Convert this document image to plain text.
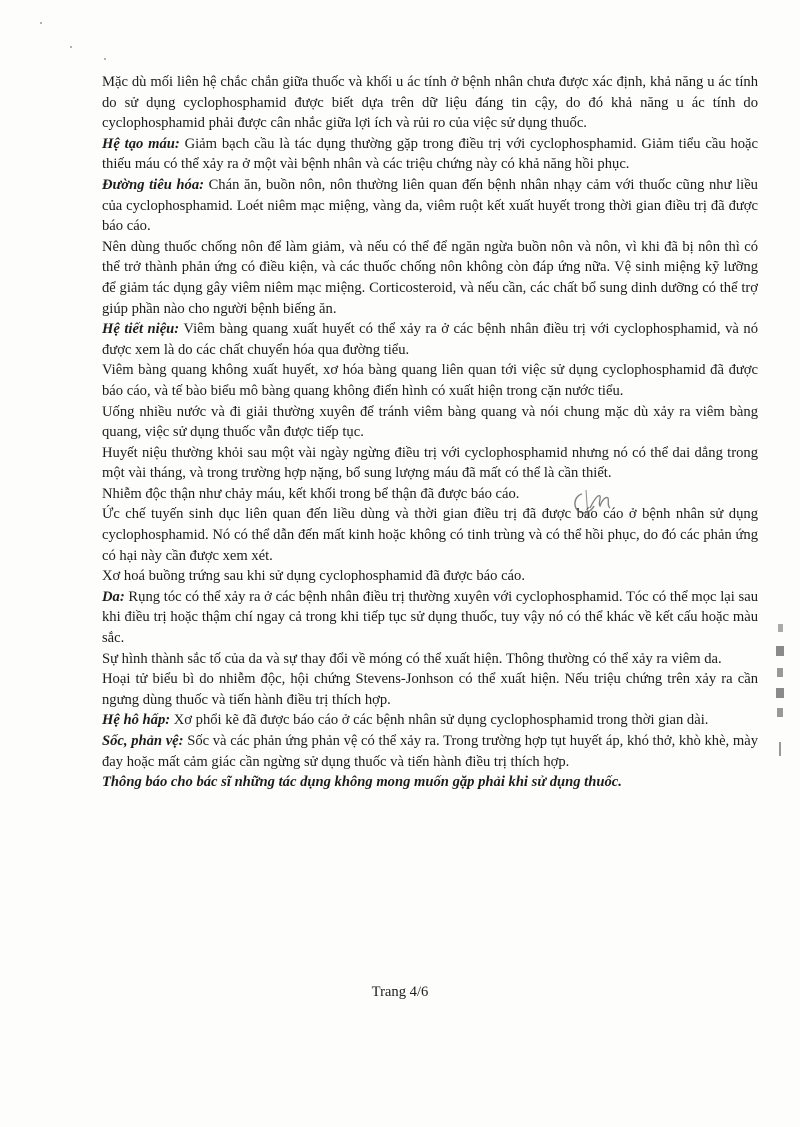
Mặc dù mối liên hệ chắc chắn giữa thuốc và khối u ác tính ở bệnh nhân chưa được xác định, khả năng u ác tính do sử dụng cyclophosphamid được biết dựa trên dữ liệu đáng tin cậy, do đó khả năng u ác tính do cyclophosphamid phải được cân nhắc giữa lợi ích và rủi ro của việc sử dụng thuốc.

Hệ tạo máu: Giảm bạch cầu là tác dụng thường gặp trong điều trị với cyclophosphamid. Giảm tiểu cầu hoặc thiếu máu có thể xảy ra ở một vài bệnh nhân và các triệu chứng này có khả năng hồi phục.

Đường tiêu hóa: Chán ăn, buồn nôn, nôn thường liên quan đến bệnh nhân nhạy cảm với thuốc cũng như liều của cyclophosphamid. Loét niêm mạc miệng, vàng da, viêm ruột kết xuất huyết trong thời gian điều trị đã được báo cáo.

Nên dùng thuốc chống nôn để làm giảm, và nếu có thể để ngăn ngừa buồn nôn và nôn, vì khi đã bị nôn thì có thể trở thành phản ứng có điều kiện, và các thuốc chống nôn không còn đáp ứng nữa. Vệ sinh miệng kỹ lưỡng để giảm tác dụng gây viêm niêm mạc miệng. Corticosteroid, và nếu cần, các chất bổ sung dinh dưỡng có thể trợ giúp phần nào cho người bệnh biếng ăn.

Hệ tiết niệu: Viêm bàng quang xuất huyết có thể xảy ra ở các bệnh nhân điều trị với cyclophosphamid, và nó được xem là do các chất chuyển hóa qua đường tiểu.

Viêm bàng quang không xuất huyết, xơ hóa bàng quang liên quan tới việc sử dụng cyclophosphamid đã được báo cáo, và tế bào biểu mô bàng quang không điển hình có xuất hiện trong cặn nước tiểu.

Uống nhiều nước và đi giải thường xuyên để tránh viêm bàng quang và nói chung mặc dù xảy ra viêm bàng quang, việc sử dụng thuốc vẫn được tiếp tục.

Huyết niệu thường khỏi sau một vài ngày ngừng điều trị với cyclophosphamid nhưng nó có thể dai dẳng trong một vài tháng, và trong trường hợp nặng, bổ sung lượng máu đã mất có thể là cần thiết.

Nhiễm độc thận như chảy máu, kết khối trong bể thận đã được báo cáo.

Ức chế tuyến sinh dục liên quan đến liều dùng và thời gian điều trị đã được báo cáo ở bệnh nhân sử dụng cyclophosphamid. Nó có thể dẫn đến mất kinh hoặc không có tinh trùng và có thể hồi phục, do đó các phản ứng có hại này cần được xem xét.

Xơ hoá buồng trứng sau khi sử dụng cyclophosphamid đã được báo cáo.

Da: Rụng tóc có thể xảy ra ở các bệnh nhân điều trị thường xuyên với cyclophosphamid. Tóc có thể mọc lại sau khi điều trị hoặc thậm chí ngay cả trong khi tiếp tục sử dụng thuốc, tuy vậy nó có thể khác về kết cấu hoặc màu sắc.

Sự hình thành sắc tố của da và sự thay đổi về móng có thể xuất hiện. Thông thường có thể xảy ra viêm da.

Hoại tử biểu bì do nhiễm độc, hội chứng Stevens-Jonhson có thể xuất hiện. Nếu triệu chứng trên xảy ra cần ngưng dùng thuốc và tiến hành điều trị thích hợp.

Hệ hô hấp: Xơ phổi kẽ đã được báo cáo ở các bệnh nhân sử dụng cyclophosphamid trong thời gian dài.

Sốc, phản vệ: Sốc và các phản ứng phản vệ có thể xảy ra. Trong trường hợp tụt huyết áp, khó thở, khò khè, mày đay hoặc mất cảm giác cần ngừng sử dụng thuốc và tiến hành điều trị thích hợp.

Thông báo cho bác sĩ những tác dụng không mong muốn gặp phải khi sử dụng thuốc.

Trang 4/6
